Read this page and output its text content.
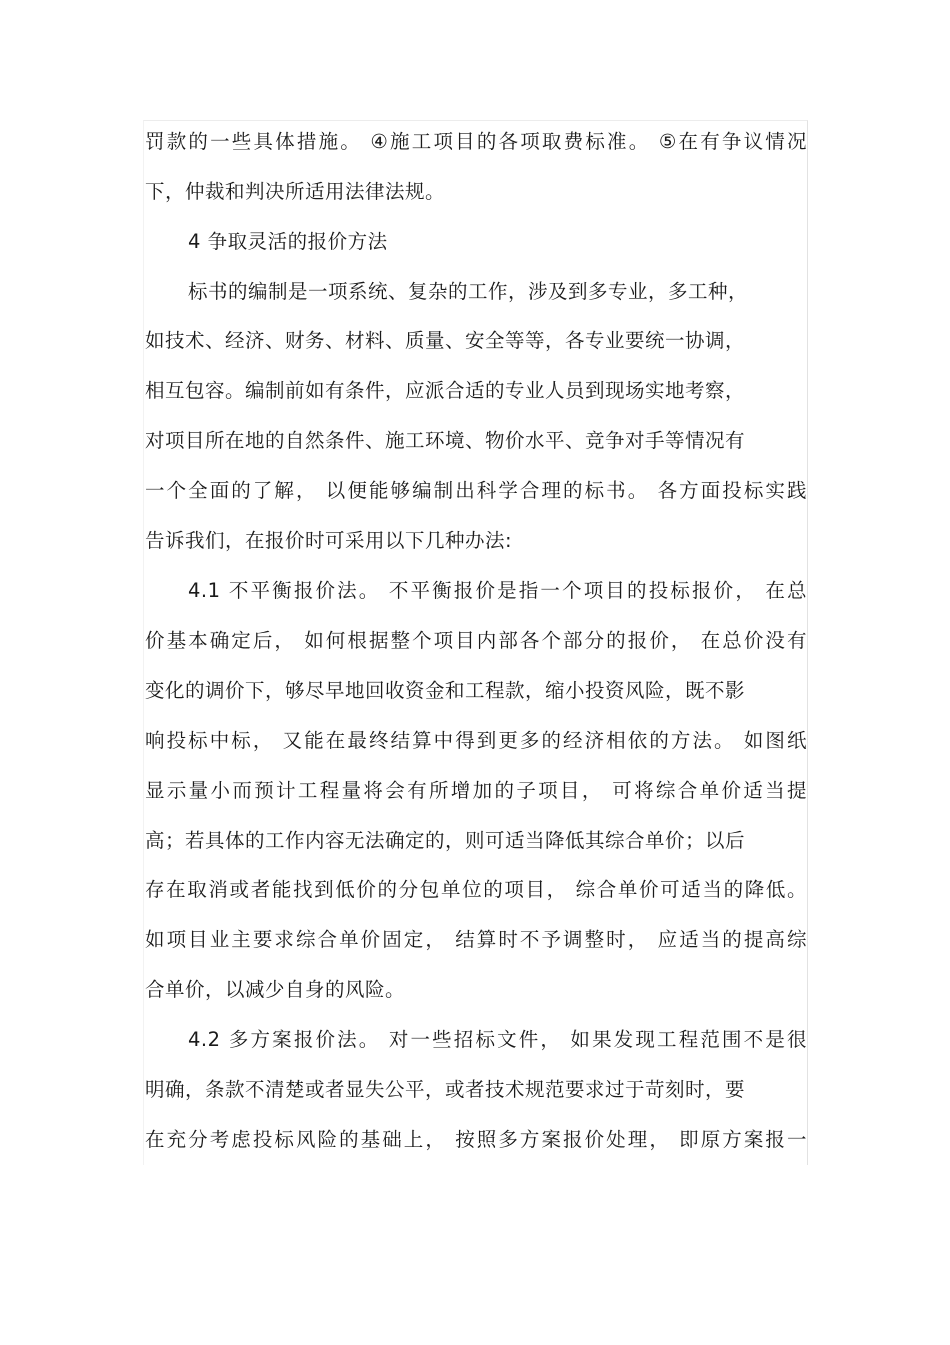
罚款的一些具体措施。 ④施工项目的各项取费标准。 ⑤在有争议情况
下，仲裁和判决所适用法律法规。
4 争取灵活的报价方法
标书的编制是一项系统、复杂的工作，涉及到多专业，多工种，
如技术、经济、财务、材料、质量、安全等等，各专业要统一协调，
相互包容。编制前如有条件，应派合适的专业人员到现场实地考察，
对项目所在地的自然条件、施工环境、物价水平、竞争对手等情况有
一个全面的了解， 以便能够编制出科学合理的标书。 各方面投标实践
告诉我们，在报价时可采用以下几种办法:
4.1 不平衡报价法。 不平衡报价是指一个项目的投标报价， 在总
价基本确定后， 如何根据整个项目内部各个部分的报价， 在总价没有
变化的调价下，够尽早地回收资金和工程款，缩小投资风险，既不影
响投标中标， 又能在最终结算中得到更多的经济相依的方法。 如图纸
显示量小而预计工程量将会有所增加的子项目， 可将综合单价适当提
高；若具体的工作内容无法确定的，则可适当降低其综合单价；以后
存在取消或者能找到低价的分包单位的项目， 综合单价可适当的降低。
如项目业主要求综合单价固定， 结算时不予调整时， 应适当的提高综
合单价，以减少自身的风险。
4.2 多方案报价法。 对一些招标文件， 如果发现工程范围不是很
明确，条款不清楚或者显失公平，或者技术规范要求过于苛刻时，要
在充分考虑投标风险的基础上， 按照多方案报价处理， 即原方案报一
